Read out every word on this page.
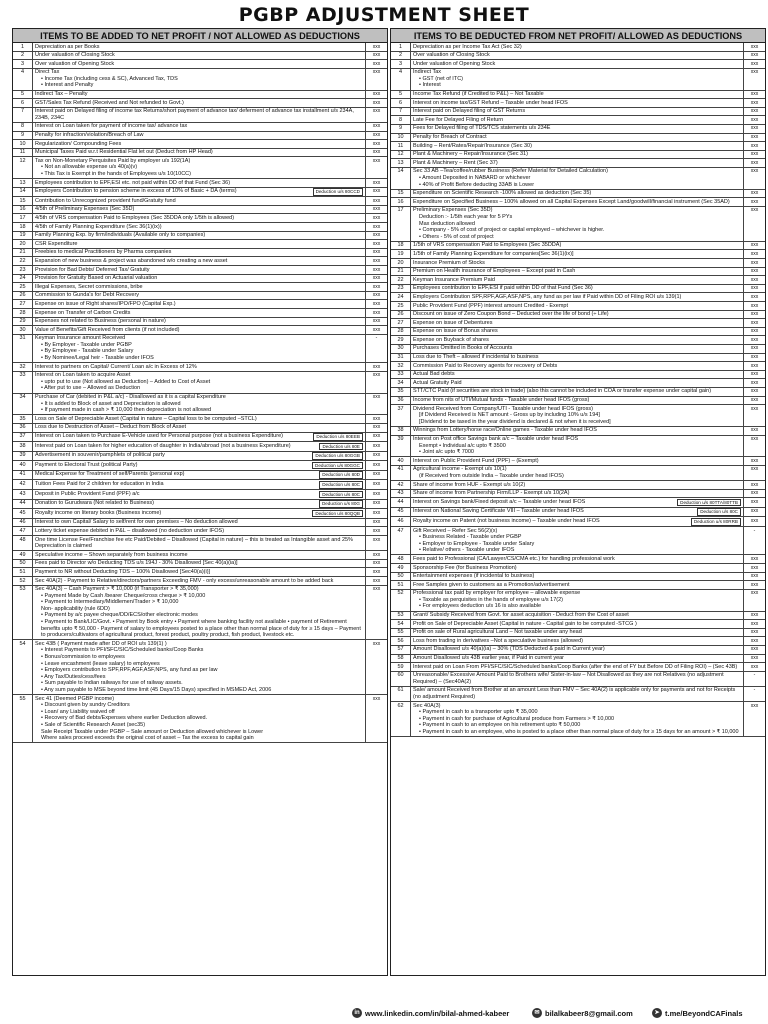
PGBP ADJUSTMENT SHEET
ITEMS TO BE ADDED TO NET PROFIT / NOT ALLOWED AS DEDUCTIONS
1	Depreciation as per Books	xxx
2	Under valuation of Closing Stock	xxx
3	Over valuation of Opening Stock	xxx
4	Direct Tax
• Income Tax (including cess & SC), Advanced Tax, TDS
• Interest and Penalty
xxx
5	Indirect Tax – Penalty	xxx
6	GST/Sales Tax Refund (Received and Not refunded to Govt.)	xxx
7	Interest paid on Delayed filing of income tax Returns/short payment of advance tax/ deferment of advance tax installment u/s 234A, 234B, 234C
xxx
8	Interest on Loan taken for payment of income tax/ advance tax	xxx
9	Penalty for infraction/violation/Breach of Law	xxx
10	Regularization/ Compounding Fees	xxx
11	Municipal Taxes Paid w.r.t Residential Flat let out (Deduct from HP Head)	xxx
12	Tax on Non-Monetary Perquisites Paid by employer u/s 192(1A)
• Not an allowable expense u/s 40(a)(v)
• This Tax is Exempt in the hands of Employees u/s 10(10CC)
xxx
13	Employees contribution to EPF,ESI etc. not paid within DD of that Fund (Sec 36)	xxx
14	Deduction u/s 80CCD
Employers Contribution to pension scheme in excess of 10% of Basic + DA (terms)	xxx
15	Contribution to Unrecognized provident fund/Gratuity fund	xxx
16	4/5th of Preliminary Expenses (Sec 35D)	xxx
17	4/5th of VRS compensation Paid to Employees (Sec 35DDA only 1/5th is allowed)	xxx
18	4/5th of Family Planning Expenditure (Sec 36(1)(ix))	xxx
19	Family Planning Exp. by firm/individuals (Available only to companies)	xxx
20	CSR Expenditure	xxx
21	Freebies to medical Practitioners by Pharma companies	xxx
22	Expansion of new business & project was abandoned w/o creating a new asset	xxx
23	Provision for Bad Debts/ Deferred Tax/ Gratuity	xxx
24	Provision for Gratuity Based on Actuarial valuation	xxx
25	Illegal Expenses, Secret commissions, bribe	xxx
26	Commission to Gunda's for Debt Recovery	xxx
27	Expense on issue of Right shares/IPO/FPO (Capital Exp.)	xxx
28	Expense on Transfer of Carbon Credits	xxx
29	Expenses not related to Business (personal in nature)	xxx
30	Value of Benefits/Gift Received from clients (if not included)	xxx
31	Keyman Insurance amount Received
• By Employer - Taxable under PGBP
• By Employee - Taxable under Salary
• By Nominee/Legal heir - Taxable under IFOS
-
32	Interest to partners on Capital/ Current/ Loan a/c in Excess of 12%	xxx
33	Interest on Loan taken to acquire Asset
• upto put to use (Not allowed as Deduction) – Added to Cost of Asset
• After put to use – Allowed as Deduction
xxx
34	Purchase of Car (debited in P&L a/c) - Disallowed as it is a capital Expenditure
• It is added to Block of asset and Depreciation is allowed
• If payment made in cash > ₹ 10,000 then depreciation is not allowed
xxx
35	Loss on Sale of Depreciable Asset (Capital in nature – Capital loss to be computed –STCL)	xxx
36	Loss due to Destruction of Asset – Deduct from Block of Asset	xxx
37	Deduction u/s 80EEB
Interest on Loan taken to Purchase E-Vehicle used for Personal purpose (not a business Expenditure)	xxx
38	Deduction u/s 80E
Interest paid on Loan taken for higher education of daughter in India/abroad (not a business Expenditure)	xxx
39	Deduction u/s 80GGB
Advertisement in souvenir/pamphlets of political party	xxx
40	Deduction u/s 80GGC
Payment to Electoral Trust (political Party)	xxx
41	Deduction u/s 80D
Medical Expense for Treatment of self/Parents (personal exp)	xxx
42	Deduction u/s 80C
Tuition Fees Paid for 2 children for education in India	xxx
43	Deduction u/s 80C
Deposit in Public Provident Fund (PPF) a/c	xxx
44	Deduction u/s 80G
Donation to Gurudwara (Not related to Business)	xxx
45	Deduction u/s 80QQB
Royalty income on literary books (Business income)	xxx
46	Interest to own Capital/ Salary to self/rent for own premises – No deduction allowed	xxx
47	Lottery ticket expense debited in P&L – disallowed (no deduction under IFOS)	xxx
48	One time License Fee/Franchise fee etc Paid/Debited – Disallowed (Capital in nature) – this is treated as Intangible asset and 25% Depreciation is claimed
xxx
49	Speculative income – Shown separately from business income	xxx
50	Fees paid to Director w/o Deducting TDS u/s 194J - 30% Disallowed [Sec 40(a)(ia)]	xxx
51	Payment to NR without Deducting TDS – 100% Disallowed [Sec40(a)(i)]	xxx
52	Sec 40A(2) - Payment to Relative/directors/partners Exceeding FMV - only excess/unreasonable amount to be added back	xxx
53	Sec 40A(3) – Cash Payment > ₹ 10,000 (if Transporter > ₹ 35,000)
• Payment Made by Cash /bearer Cheque/cross cheque > ₹ 10,000
• Payment to Intermediary/Middlemen/Trader > ₹ 10,000
Non- applicability (rule 6DD)
• Payment by a/c payee cheque/DD/ECS/other electronic modes
• Payment to Bank/LIC/Govt. • Payment by Book entry • Payment where banking facility not available • payment of Retirement benefits upto ₹ 50,000 - Payment of salary to employees posted to a place other than normal place of duty for ≥ 15 days – Payment to producers/cultivators of agricultural product, forest product, poultry product, fish product, livestock etc.
xxx
54	Sec 43B ( Payment made after DD of ROI u/s 139(1) )
• Interest Payments to PFI/SFC/SIC/Scheduled banks/Coop Banks
• Bonus/commission to employees
• Leave encashment (leave salary) to employees
• Employers contribution to SPF,RPF,AGF,ASF,NPS, any fund as per law
• Any Tax/Duties/cess/fees
• Sum payable to Indian railways for use of railway assets.
• Any sum payable to MSE beyond time limit (45 Days/15 Days) specified in MSMED Act, 2006
xxx
55	Sec 41 (Deemed PGBP income)
• Discount given by sundry Creditors
• Loan/ any Liability waived off
• Recovery of Bad debts/Expenses where earlier Deduction allowed.
• Sale of Scientific Research Asset (sec35)
Sale Receipt Taxable under PGBP – Sale amount or Deduction allowed whichever is Lower
Where sales proceed exceeds the original cost of asset – Tax the excess to capital gain
xxx
ITEMS TO BE DEDUCTED FROM NET PROFIT/ ALLOWED AS DEDUCTIONS
1	Depreciation as per Income Tax Act (Sec 32)	xxx
2	Over valuation of Closing Stock	xxx
3	Under valuation of Opening Stock	xxx
4	Indirect Tax
• GST (net of ITC)
• Interest
xxx
5	Income Tax Refund (if Credited to P&L) – Not Taxable	xxx
6	Interest on income tax/GST Refund – Taxable under head IFOS	xxx
7	Interest paid on Delayed filing of GST Returns	xxx
8	Late Fee for Delayed Filing of Return	xxx
9	Fees for Delayed filing of TDS/TCS statements u/s 234E	xxx
10	Penalty for Breach of Contract	xxx
11	Building – Rent/Rates/Repair/Insurance (Sec 30)	xxx
12	Plant & Machinery – Repair/Insurance (Sec 31)	xxx
13	Plant & Machinery – Rent (Sec 37)	xxx
14	Sec 33 AB –Tea/coffee/rubber Business (Refer Material for Detailed Calculation)
• Amount Deposited in NABARD or whichever
• 40% of Profit Before deducting 33AB is Lower
xxx
15	Expenditure on Scientific Research -100% allowed as deduction (Sec 35)	xxx
16	Expenditure on Specified Business – 100% allowed on all Capital Expenses Except Land/goodwill/financial instrument (Sec 35AD)	xxx
17	Preliminary Expenses (Sec 35D)
Deduction :- 1/5th each year for 5 PYs
Max deduction allowed
• Company - 5% of cost of project or capital employed – whichever is higher.
• Others - 5% of cost of project
xxx
18	1/5th of VRS compensation Paid to Employees (Sec 35DDA)	xxx
19	1/5th of Family Planning Expenditure for companies[Sec 36(1)(ix)]	xxx
20	Insurance Premium of Stocks	xxx
21	Premium on Health insurance of Employees – Except paid in Cash	xxx
22	Keyman Insurance Premium Paid	xxx
23	Employees contribution to EPF,ESI if paid within DD of that Fund (Sec 36)	xxx
24	Employers Contribution SPF,RPF,AGF,ASF,NPS, any fund as per law if Paid within DD of Filing ROI u/s 139(1)	xxx
25	Public Provident Fund (PPF) interest amount Credited - Exempt	xxx
26	Discount on issue of Zero Coupon Bond – Deducted over the life of bond (÷ Life)	xxx
27	Expense on issue of Debentures	xxx
28	Expense on issue of Bonus shares	xxx
29	Expense on Buyback of shares	xxx
30	Purchases Omitted in Books of Accounts	xxx
31	Loss due to Theft – allowed if incidental to business	xxx
32	Commission Paid to Recovery agents for recovery of Debts	xxx
33	Actual Bad debts	xxx
34	Actual Gratuity Paid	xxx
35	STT/CTC Paid (if securities are stock in trade) (also this cannot be included in COA or transfer expense under capital gain)	xxx
36	Income from nits of UTI/Mutual funds - Taxable under head IFOS (gross)	xxx
37	Dividend Received from Company/UTI - Taxable under head IFOS (gross)
[if Dividend Received is NET amount - Gross up by including 10% u/s 194]
[Dividend to be taxed in the year dividend is declared & not when it is received]
xxx
38	Winnings from Lottery/horse race/Online games - Taxable under head IFOS	xxx
39	Interest on Post office Savings bank a/c – Taxable under head IFOS
Exempt • Individual a/c upto ₹ 3500
• Joint a/c upto ₹ 7000
xxx
40	Interest on Public Provident Fund (PPF) – (Exempt)	xxx
41	Agricultural income - Exempt u/s 10(1)
(if Received from outside India – Taxable under head IFOS)
xxx
42	Share of income from HUF - Exempt u/s 10(2)	xxx
43	Share of income from Partnership Firm/LLP - Exempt u/s 10(2A)	xxx
44	Deduction u/s 80TTA/80TTB
Interest on Savings bank/Fixed deposit a/c – Taxable under head IFOS	xxx
45	Deduction u/s 80C
Interest on National Saving Certificate VIII – Taxable under head IFOS	xxx
46	Deduction u/s 80RRB
Royalty income on Patent (not business income) – Taxable under head IFOS	xxx
47	Gift Received – Refer Sec 56(2)(x)
• Business Related - Taxable under PGBP
• Employer to Employee - Taxable under Salary
• Relative/ others - Taxable under IFOS
-
48	Fees paid to Professional (CA/Lawyer/CS/CMA etc.) for handling professional work	xxx
49	Sponsorship Fee (for Business Promotion)	xxx
50	Entertainment expenses (if incidental to business)	xxx
51	Free Samples given to customers as a Promotion/advertisement	xxx
52	Professional tax paid by employer for employee – allowable expense
• Taxable as perquisites in the hands of employee u/s 17(2)
• For employees deduction u/s 16 is also available
xxx
53	Grant/ Subsidy Received from Govt. for asset acquisition - Deduct from the Cost of asset	xxx
54	Profit on Sale of Depreciable Asset (Capital in nature - Capital gain to be computed -STCG )	xxx
55	Profit on sale of Rural agricultural Land – Not taxable under any head	xxx
56	Loss from trading in derivatives –Not a speculative business (allowed)	xxx
57	Amount Disallowed u/s 40(a)(ia) – 30% (TDS Deducted & paid in Current year)	xxx
58	Amount Disallowed u/s 43B earlier year, if Paid in current year	xxx
59	Interest paid on Loan From PFI/SFC/SIC/Scheduled banks/Coop Banks (after the end of FY but Before DD of Filing ROI) – (Sec 43B)	xxx
60	Unreasonable/ Excessive Amount Paid to Brothers wife/ Sister-in-law – Not Disallowed as they are not Relatives (no adjustment Required) – (Sec40A(2)
-
61	Sale/ amount Received from Brother at an amount Less than FMV – Sec 40A(2) is applicable only for payments and not for Receipts (no adjustment Required)
-
62	Sec 40A(3)
• Payment in cash to a transporter upto ₹ 35,000
• Payment in cash for purchase of Agricultural produce from Farmers > ₹ 10,000
• Payment in cash to an employee on his retirement upto ₹ 50,000
• Payment in cash to an employee, who is posted to a place other than normal place of duty for ≥ 15 days for an amount > ₹ 10,000
xxx
in www.linkedin.com/in/bilal-ahmed-kabeer	✉ bilalkabeer8@gmail.com	➤ t.me/BeyondCAFinals
